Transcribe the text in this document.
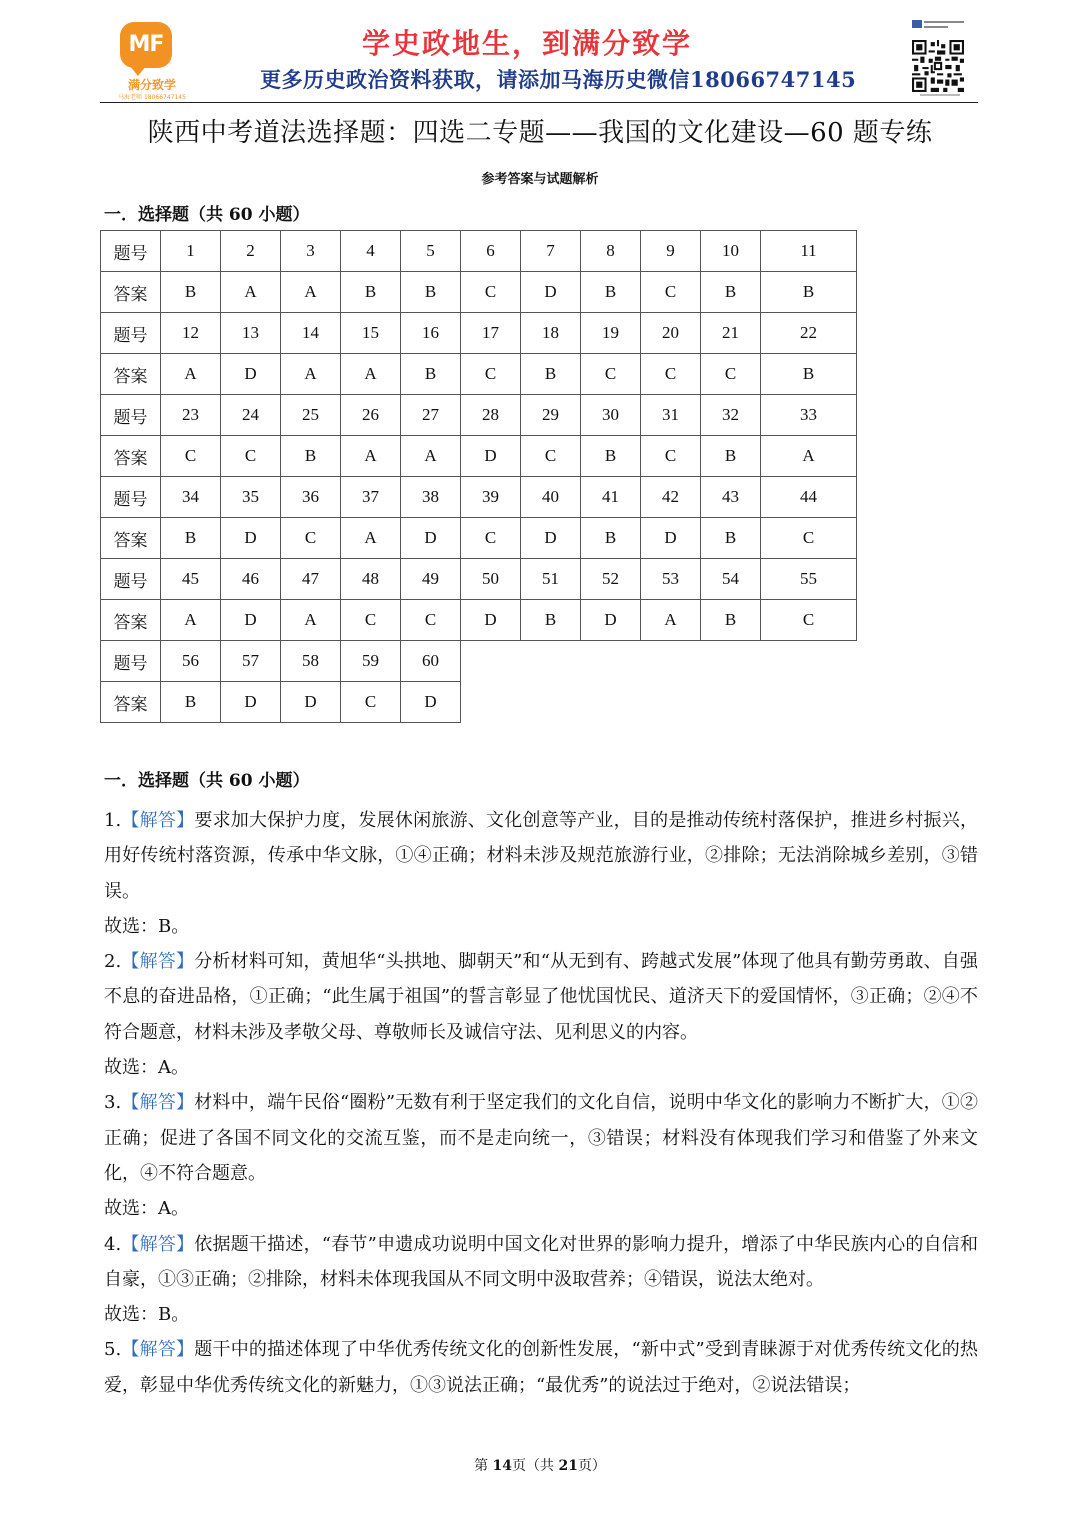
MF
满分致学
马海老师 18066747145
学史政地生，到满分致学
更多历史政治资料获取，请添加马海历史微信18066747145
陕西中考道法选择题：四选二专题——我国的文化建设—60 题专练
参考答案与试题解析
一．选择题（共 60 小题）
题号	1	2	3	4	5	6	7	8	9	10	11
答案	B	A	A	B	B	C	D	B	C	B	B
题号	12	13	14	15	16	17	18	19	20	21	22
答案	A	D	A	A	B	C	B	C	C	C	B
题号	23	24	25	26	27	28	29	30	31	32	33
答案	C	C	B	A	A	D	C	B	C	B	A
题号	34	35	36	37	38	39	40	41	42	43	44
答案	B	D	C	A	D	C	D	B	D	B	C
题号	45	46	47	48	49	50	51	52	53	54	55
答案	A	D	A	C	C	D	B	D	A	B	C
题号	56	57	58	59	60						
答案	B	D	D	C	D						
一．选择题（共 60 小题）

1.【解答】要求加大保护力度，发展休闲旅游、文化创意等产业，目的是推动传统村落保护，推进乡村振兴，用好传统村落资源，传承中华文脉，①④正确；材料未涉及规范旅游行业，②排除；无法消除城乡差别，③错误。

故选：B。

2.【解答】分析材料可知，黄旭华“头拱地、脚朝天”和“从无到有、跨越式发展”体现了他具有勤劳勇敢、自强不息的奋进品格，①正确；“此生属于祖国”的誓言彰显了他忧国忧民、道济天下的爱国情怀，③正确；②④不符合题意，材料未涉及孝敬父母、尊敬师长及诚信守法、见利思义的内容。

故选：A。

3.【解答】材料中，端午民俗“圈粉”无数有利于坚定我们的文化自信，说明中华文化的影响力不断扩大，①②正确；促进了各国不同文化的交流互鉴，而不是走向统一，③错误；材料没有体现我们学习和借鉴了外来文化，④不符合题意。

故选：A。

4.【解答】依据题干描述，“春节”申遗成功说明中国文化对世界的影响力提升，增添了中华民族内心的自信和自豪，①③正确；②排除，材料未体现我国从不同文明中汲取营养；④错误，说法太绝对。

故选：B。

5.【解答】题干中的描述体现了中华优秀传统文化的创新性发展，“新中式”受到青睐源于对优秀传统文化的热爱，彰显中华优秀传统文化的新魅力，①③说法正确；“最优秀”的说法过于绝对，②说法错误；

第 14页（共 21页）
